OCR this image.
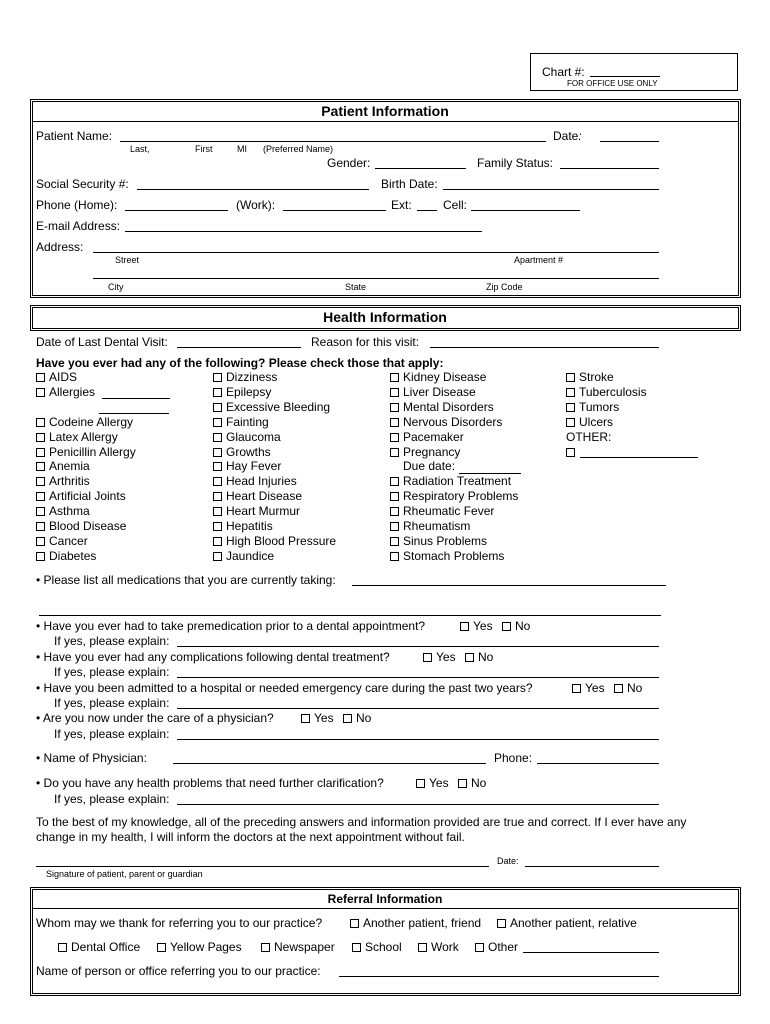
Chart #:
FOR OFFICE USE ONLY
Patient Information
Patient Name:	Date:
Last,	First	MI (Preferred Name)
Gender:	Family Status:
Social Security #:	Birth Date:
Phone (Home):	(Work):	Ext:	Cell:
E-mail Address:
Address:
Street	Apartment #
City	State	Zip Code
Health Information
Date of Last Dental Visit:	Reason for this visit:
Have you ever had any of the following? Please check those that apply:
AIDS
Allergies
Codeine Allergy
Latex Allergy
Penicillin Allergy
Anemia
Arthritis
Artificial Joints
Asthma
Blood Disease
Cancer
Diabetes
Dizziness
Epilepsy
Excessive Bleeding
Fainting
Glaucoma
Growths
Hay Fever
Head Injuries
Heart Disease
Heart Murmur
Hepatitis
High Blood Pressure
Jaundice
Kidney Disease
Liver Disease
Mental Disorders
Nervous Disorders
Pacemaker
Pregnancy
Due date:
Radiation Treatment
Respiratory Problems
Rheumatic Fever
Rheumatism
Sinus Problems
Stomach Problems
Stroke
Tuberculosis
Tumors
Ulcers
OTHER:
• Please list all medications that you are currently taking:
• Have you ever had to take premedication prior to a dental appointment?	Yes	No
If yes, please explain:
• Have you ever had any complications following dental treatment?	Yes	No
If yes, please explain:
• Have you been admitted to a hospital or needed emergency care during the past two years?	Yes	No
If yes, please explain:
• Are you now under the care of a physician?	Yes	No
If yes, please explain:
• Name of Physician:	Phone:
• Do you have any health problems that need further clarification?	Yes	No
If yes, please explain:
To the best of my knowledge, all of the preceding answers and information provided are true and correct. If I ever have any
change in my health, I will inform the doctors at the next appointment without fail.
Date:
Signature of patient, parent or guardian
Referral Information
Whom may we thank for referring you to our practice?	Another patient, friend	Another patient, relative
Dental Office	Yellow Pages	Newspaper	School	Work	Other
Name of person or office referring you to our practice:
